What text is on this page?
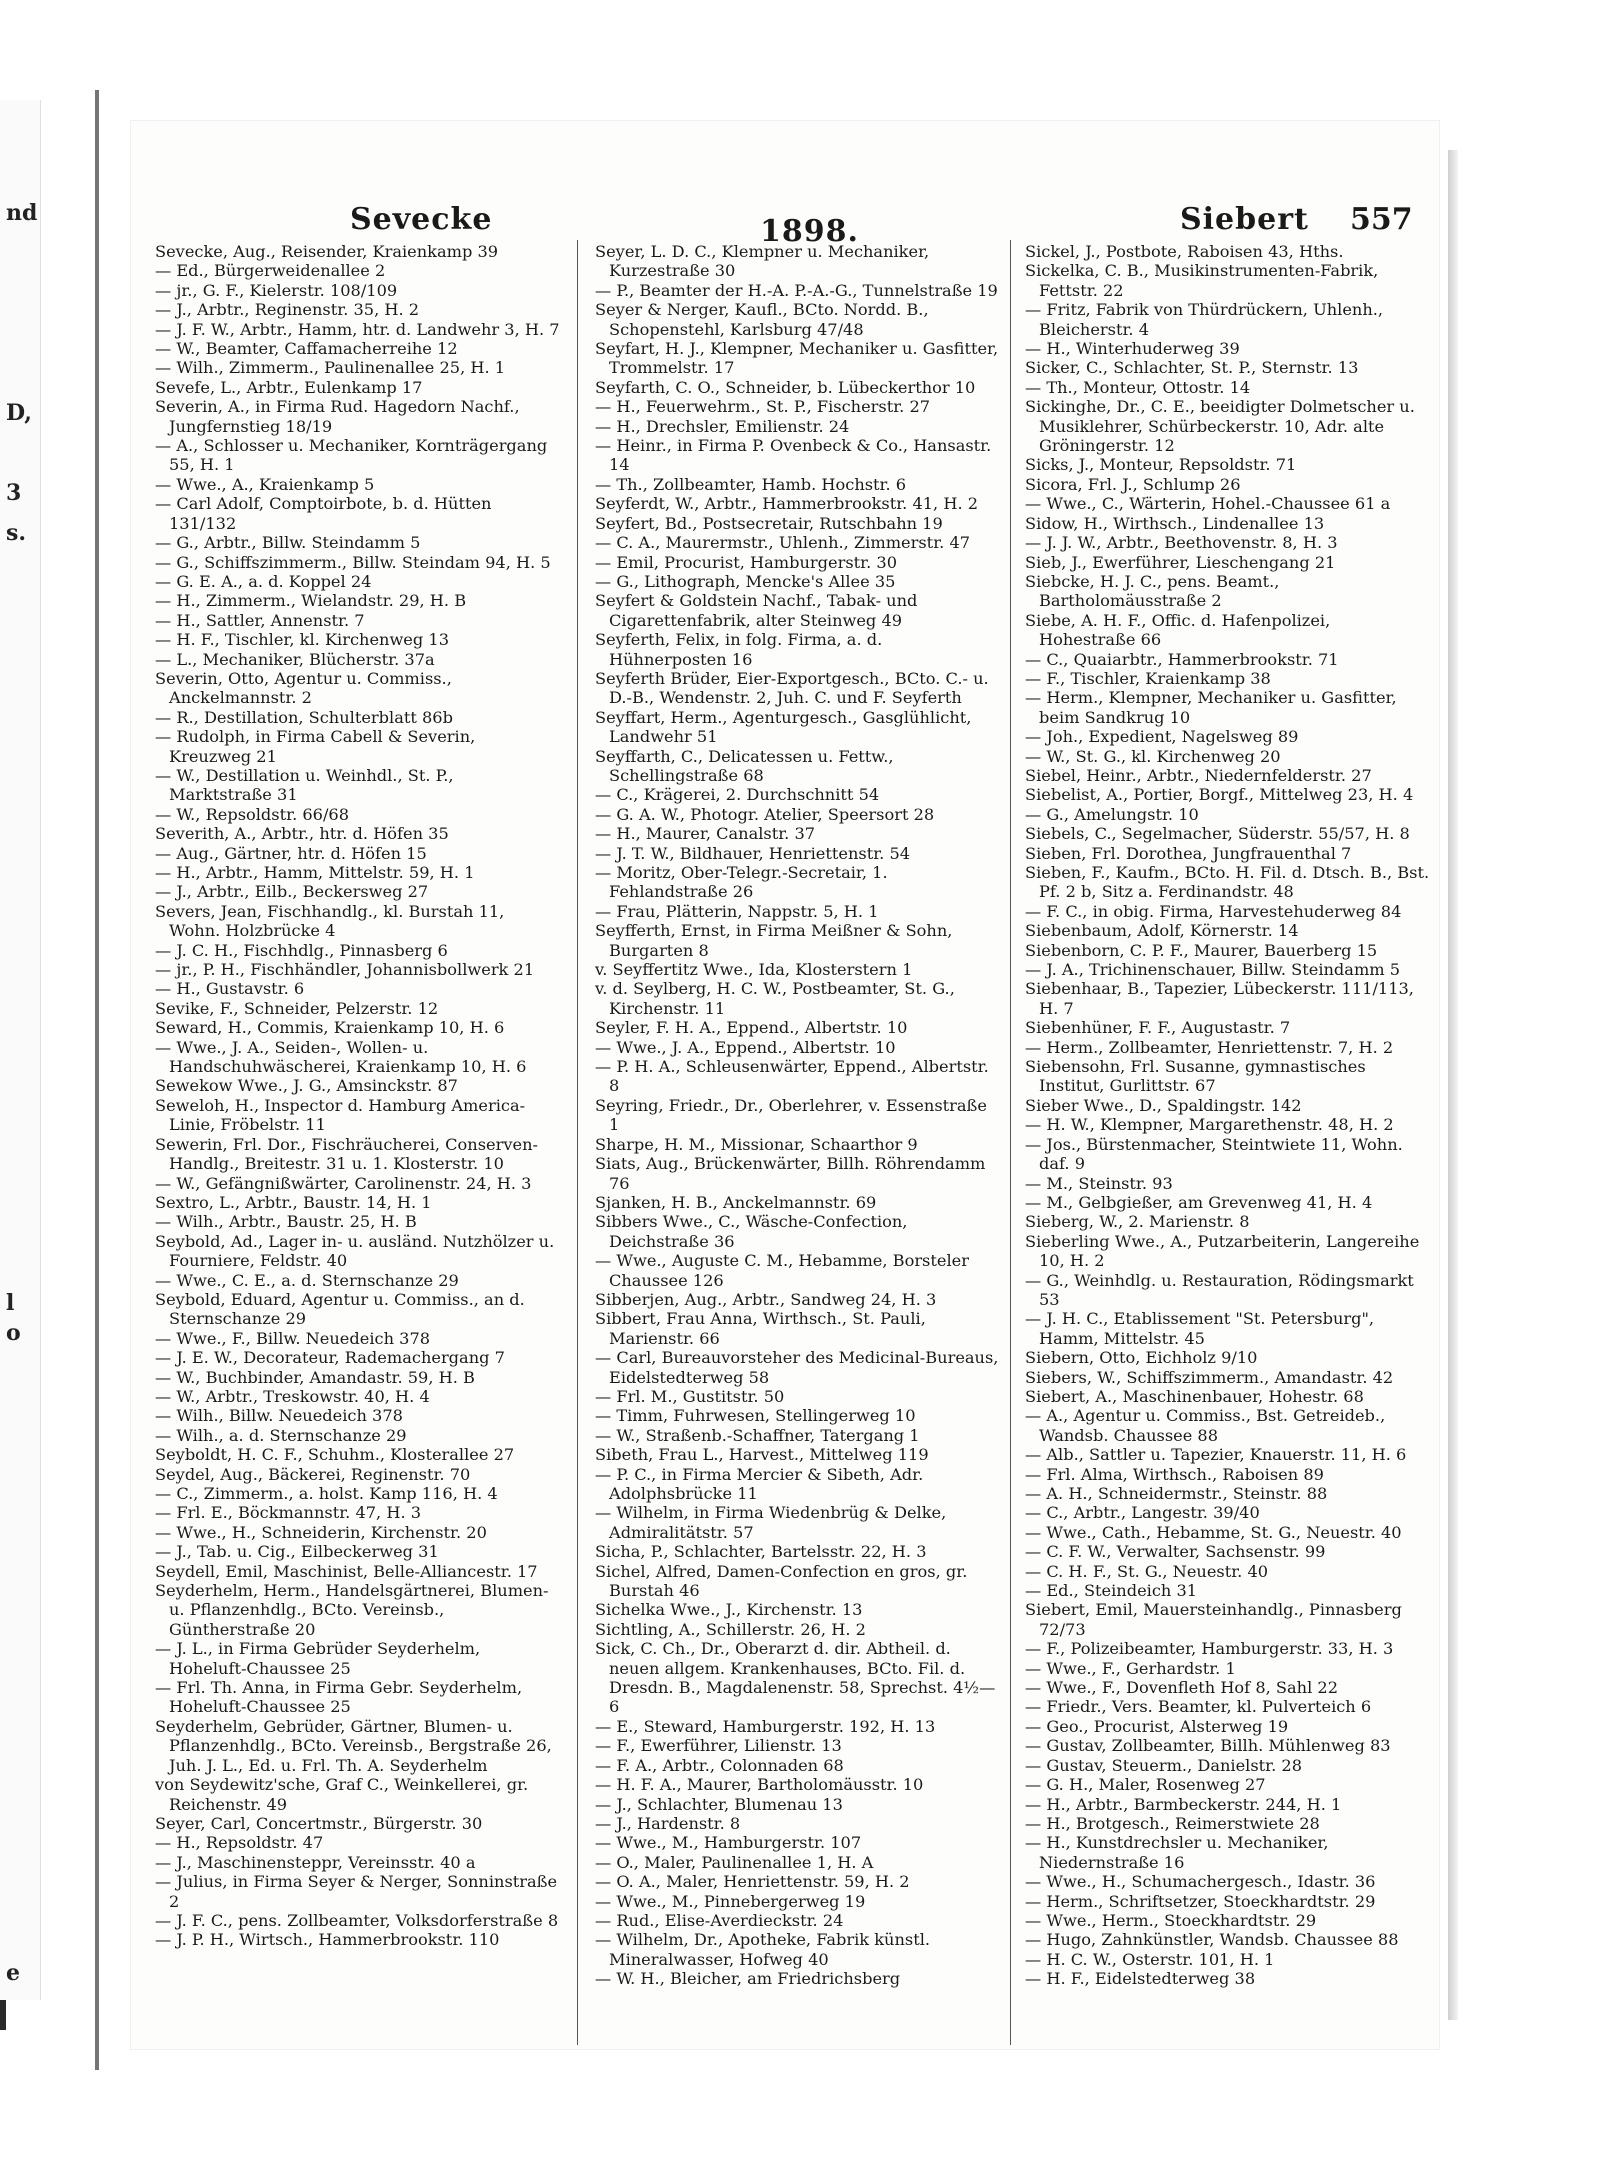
nd
D,
3
s.
l
o
e
Sevecke	1898.	Siebert 557

Sevecke, Aug., Reisender, Kraienkamp 39

— Ed., Bürgerweidenallee 2

— jr., G. F., Kielerstr. 108/109

— J., Arbtr., Reginenstr. 35, H. 2

— J. F. W., Arbtr., Hamm, htr. d. Landwehr 3, H. 7

— W., Beamter, Caffamacherreihe 12

— Wilh., Zimmerm., Paulinenallee 25, H. 1

Sevefe, L., Arbtr., Eulenkamp 17

Severin, A., in Firma Rud. Hagedorn Nachf., Jungfernstieg 18/19

— A., Schlosser u. Mechaniker, Kornträgergang 55, H. 1

— Wwe., A., Kraienkamp 5

— Carl Adolf, Comptoirbote, b. d. Hütten 131/132

— G., Arbtr., Billw. Steindamm 5

— G., Schiffszimmerm., Billw. Steindam 94, H. 5

— G. E. A., a. d. Koppel 24

— H., Zimmerm., Wielandstr. 29, H. B

— H., Sattler, Annenstr. 7

— H. F., Tischler, kl. Kirchenweg 13

— L., Mechaniker, Blücherstr. 37a

Severin, Otto, Agentur u. Commiss., Anckelmannstr. 2

— R., Destillation, Schulterblatt 86b

— Rudolph, in Firma Cabell & Severin, Kreuzweg 21

— W., Destillation u. Weinhdl., St. P., Marktstraße 31

— W., Repsoldstr. 66/68

Severith, A., Arbtr., htr. d. Höfen 35

— Aug., Gärtner, htr. d. Höfen 15

— H., Arbtr., Hamm, Mittelstr. 59, H. 1

— J., Arbtr., Eilb., Beckersweg 27

Severs, Jean, Fischhandlg., kl. Burstah 11, Wohn. Holzbrücke 4

— J. C. H., Fischhdlg., Pinnasberg 6

— jr., P. H., Fischhändler, Johannisbollwerk 21

— H., Gustavstr. 6

Sevike, F., Schneider, Pelzerstr. 12

Seward, H., Commis, Kraienkamp 10, H. 6

— Wwe., J. A., Seiden-, Wollen- u. Handschuhwäscherei, Kraienkamp 10, H. 6

Sewekow Wwe., J. G., Amsinckstr. 87

Seweloh, H., Inspector d. Hamburg America-Linie, Fröbelstr. 11

Sewerin, Frl. Dor., Fischräucherei, Conserven-Handlg., Breitestr. 31 u. 1. Klosterstr. 10

— W., Gefängnißwärter, Carolinenstr. 24, H. 3

Sextro, L., Arbtr., Baustr. 14, H. 1

— Wilh., Arbtr., Baustr. 25, H. B

Seybold, Ad., Lager in- u. ausländ. Nutzhölzer u. Fourniere, Feldstr. 40

— Wwe., C. E., a. d. Sternschanze 29

Seybold, Eduard, Agentur u. Commiss., an d. Sternschanze 29

— Wwe., F., Billw. Neuedeich 378

— J. E. W., Decorateur, Rademachergang 7

— W., Buchbinder, Amandastr. 59, H. B

— W., Arbtr., Treskowstr. 40, H. 4

— Wilh., Billw. Neuedeich 378

— Wilh., a. d. Sternschanze 29

Seyboldt, H. C. F., Schuhm., Klosterallee 27

Seydel, Aug., Bäckerei, Reginenstr. 70

— C., Zimmerm., a. holst. Kamp 116, H. 4

— Frl. E., Böckmannstr. 47, H. 3

— Wwe., H., Schneiderin, Kirchenstr. 20

— J., Tab. u. Cig., Eilbeckerweg 31

Seydell, Emil, Maschinist, Belle-Alliancestr. 17

Seyderhelm, Herm., Handelsgärtnerei, Blumen- u. Pflanzenhdlg., BCto. Vereinsb., Güntherstraße 20

— J. L., in Firma Gebrüder Seyderhelm, Hoheluft-Chaussee 25

— Frl. Th. Anna, in Firma Gebr. Seyderhelm, Hoheluft-Chaussee 25

Seyderhelm, Gebrüder, Gärtner, Blumen- u. Pflanzenhdlg., BCto. Vereinsb., Bergstraße 26, Juh. J. L., Ed. u. Frl. Th. A. Seyderhelm

von Seydewitz'sche, Graf C., Weinkellerei, gr. Reichenstr. 49

Seyer, Carl, Concertmstr., Bürgerstr. 30

— H., Repsoldstr. 47

— J., Maschinensteppr, Vereinsstr. 40 a

— Julius, in Firma Seyer & Nerger, Sonninstraße 2

— J. F. C., pens. Zollbeamter, Volksdorferstraße 8

— J. P. H., Wirtsch., Hammerbrookstr. 110

Seyer, L. D. C., Klempner u. Mechaniker, Kurzestraße 30

— P., Beamter der H.-A. P.-A.-G., Tunnelstraße 19

Seyer & Nerger, Kaufl., BCto. Nordd. B., Schopenstehl, Karlsburg 47/48

Seyfart, H. J., Klempner, Mechaniker u. Gasfitter, Trommelstr. 17

Seyfarth, C. O., Schneider, b. Lübeckerthor 10

— H., Feuerwehrm., St. P., Fischerstr. 27

— H., Drechsler, Emilienstr. 24

— Heinr., in Firma P. Ovenbeck & Co., Hansastr. 14

— Th., Zollbeamter, Hamb. Hochstr. 6

Seyferdt, W., Arbtr., Hammerbrookstr. 41, H. 2

Seyfert, Bd., Postsecretair, Rutschbahn 19

— C. A., Maurermstr., Uhlenh., Zimmerstr. 47

— Emil, Procurist, Hamburgerstr. 30

— G., Lithograph, Mencke's Allee 35

Seyfert & Goldstein Nachf., Tabak- und Cigarettenfabrik, alter Steinweg 49

Seyferth, Felix, in folg. Firma, a. d. Hühnerposten 16

Seyferth Brüder, Eier-Exportgesch., BCto. C.- u. D.-B., Wendenstr. 2, Juh. C. und F. Seyferth

Seyffart, Herm., Agenturgesch., Gasglühlicht, Landwehr 51

Seyffarth, C., Delicatessen u. Fettw., Schellingstraße 68

— C., Krägerei, 2. Durchschnitt 54

— G. A. W., Photogr. Atelier, Speersort 28

— H., Maurer, Canalstr. 37

— J. T. W., Bildhauer, Henriettenstr. 54

— Moritz, Ober-Telegr.-Secretair, 1. Fehlandstraße 26

— Frau, Plätterin, Nappstr. 5, H. 1

Seyfferth, Ernst, in Firma Meißner & Sohn, Burgarten 8

v. Seyffertitz Wwe., Ida, Klosterstern 1

v. d. Seylberg, H. C. W., Postbeamter, St. G., Kirchenstr. 11

Seyler, F. H. A., Eppend., Albertstr. 10

— Wwe., J. A., Eppend., Albertstr. 10

— P. H. A., Schleusenwärter, Eppend., Albertstr. 8

Seyring, Friedr., Dr., Oberlehrer, v. Essenstraße 1

Sharpe, H. M., Missionar, Schaarthor 9

Siats, Aug., Brückenwärter, Billh. Röhrendamm 76

Sjanken, H. B., Anckelmannstr. 69

Sibbers Wwe., C., Wäsche-Confection, Deichstraße 36

— Wwe., Auguste C. M., Hebamme, Borsteler Chaussee 126

Sibberjen, Aug., Arbtr., Sandweg 24, H. 3

Sibbert, Frau Anna, Wirthsch., St. Pauli, Marienstr. 66

— Carl, Bureauvorsteher des Medicinal-Bureaus, Eidelstedterweg 58

— Frl. M., Gustitstr. 50

— Timm, Fuhrwesen, Stellingerweg 10

— W., Straßenb.-Schaffner, Tatergang 1

Sibeth, Frau L., Harvest., Mittelweg 119

— P. C., in Firma Mercier & Sibeth, Adr. Adolphsbrücke 11

— Wilhelm, in Firma Wiedenbrüg & Delke, Admiralitätstr. 57

Sicha, P., Schlachter, Bartelsstr. 22, H. 3

Sichel, Alfred, Damen-Confection en gros, gr. Burstah 46

Sichelka Wwe., J., Kirchenstr. 13

Sichtling, A., Schillerstr. 26, H. 2

Sick, C. Ch., Dr., Oberarzt d. dir. Abtheil. d. neuen allgem. Krankenhauses, BCto. Fil. d. Dresdn. B., Magdalenenstr. 58, Sprechst. 4½—6

— E., Steward, Hamburgerstr. 192, H. 13

— F., Ewerführer, Lilienstr. 13

— F. A., Arbtr., Colonnaden 68

— H. F. A., Maurer, Bartholomäusstr. 10

— J., Schlachter, Blumenau 13

— J., Hardenstr. 8

— Wwe., M., Hamburgerstr. 107

— O., Maler, Paulinenallee 1, H. A

— O. A., Maler, Henriettenstr. 59, H. 2

— Wwe., M., Pinnebergerweg 19

— Rud., Elise-Averdieckstr. 24

— Wilhelm, Dr., Apotheke, Fabrik künstl. Mineralwasser, Hofweg 40

— W. H., Bleicher, am Friedrichsberg

Sickel, J., Postbote, Raboisen 43, Hths.

Sickelka, C. B., Musikinstrumenten-Fabrik, Fettstr. 22

— Fritz, Fabrik von Thürdrückern, Uhlenh., Bleicherstr. 4

— H., Winterhuderweg 39

Sicker, C., Schlachter, St. P., Sternstr. 13

— Th., Monteur, Ottostr. 14

Sickinghe, Dr., C. E., beeidigter Dolmetscher u. Musiklehrer, Schürbeckerstr. 10, Adr. alte Gröningerstr. 12

Sicks, J., Monteur, Repsoldstr. 71

Sicora, Frl. J., Schlump 26

— Wwe., C., Wärterin, Hohel.-Chaussee 61 a

Sidow, H., Wirthsch., Lindenallee 13

— J. J. W., Arbtr., Beethovenstr. 8, H. 3

Sieb, J., Ewerführer, Lieschengang 21

Siebcke, H. J. C., pens. Beamt., Bartholomäusstraße 2

Siebe, A. H. F., Offic. d. Hafenpolizei, Hohestraße 66

— C., Quaiarbtr., Hammerbrookstr. 71

— F., Tischler, Kraienkamp 38

— Herm., Klempner, Mechaniker u. Gasfitter, beim Sandkrug 10

— Joh., Expedient, Nagelsweg 89

— W., St. G., kl. Kirchenweg 20

Siebel, Heinr., Arbtr., Niedernfelderstr. 27

Siebelist, A., Portier, Borgf., Mittelweg 23, H. 4

— G., Amelungstr. 10

Siebels, C., Segelmacher, Süderstr. 55/57, H. 8

Sieben, Frl. Dorothea, Jungfrauenthal 7

Sieben, F., Kaufm., BCto. H. Fil. d. Dtsch. B., Bst. Pf. 2 b, Sitz a. Ferdinandstr. 48

— F. C., in obig. Firma, Harvestehuderweg 84

Siebenbaum, Adolf, Körnerstr. 14

Siebenborn, C. P. F., Maurer, Bauerberg 15

— J. A., Trichinenschauer, Billw. Steindamm 5

Siebenhaar, B., Tapezier, Lübeckerstr. 111/113, H. 7

Siebenhüner, F. F., Augustastr. 7

— Herm., Zollbeamter, Henriettenstr. 7, H. 2

Siebensohn, Frl. Susanne, gymnastisches Institut, Gurlittstr. 67

Sieber Wwe., D., Spaldingstr. 142

— H. W., Klempner, Margarethenstr. 48, H. 2

— Jos., Bürstenmacher, Steintwiete 11, Wohn. daf. 9

— M., Steinstr. 93

— M., Gelbgießer, am Grevenweg 41, H. 4

Sieberg, W., 2. Marienstr. 8

Sieberling Wwe., A., Putzarbeiterin, Langereihe 10, H. 2

— G., Weinhdlg. u. Restauration, Rödingsmarkt 53

— J. H. C., Etablissement "St. Petersburg", Hamm, Mittelstr. 45

Siebern, Otto, Eichholz 9/10

Siebers, W., Schiffszimmerm., Amandastr. 42

Siebert, A., Maschinenbauer, Hohestr. 68

— A., Agentur u. Commiss., Bst. Getreideb., Wandsb. Chaussee 88

— Alb., Sattler u. Tapezier, Knauerstr. 11, H. 6

— Frl. Alma, Wirthsch., Raboisen 89

— A. H., Schneidermstr., Steinstr. 88

— C., Arbtr., Langestr. 39/40

— Wwe., Cath., Hebamme, St. G., Neuestr. 40

— C. F. W., Verwalter, Sachsenstr. 99

— C. H. F., St. G., Neuestr. 40

— Ed., Steindeich 31

Siebert, Emil, Mauersteinhandlg., Pinnasberg 72/73

— F., Polizeibeamter, Hamburgerstr. 33, H. 3

— Wwe., F., Gerhardstr. 1

— Wwe., F., Dovenfleth Hof 8, Sahl 22

— Friedr., Vers. Beamter, kl. Pulverteich 6

— Geo., Procurist, Alsterweg 19

— Gustav, Zollbeamter, Billh. Mühlenweg 83

— Gustav, Steuerm., Danielstr. 28

— G. H., Maler, Rosenweg 27

— H., Arbtr., Barmbeckerstr. 244, H. 1

— H., Brotgesch., Reimerstwiete 28

— H., Kunstdrechsler u. Mechaniker, Niedernstraße 16

— Wwe., H., Schumachergesch., Idastr. 36

— Herm., Schriftsetzer, Stoeckhardtstr. 29

— Wwe., Herm., Stoeckhardtstr. 29

— Hugo, Zahnkünstler, Wandsb. Chaussee 88

— H. C. W., Osterstr. 101, H. 1

— H. F., Eidelstedterweg 38
